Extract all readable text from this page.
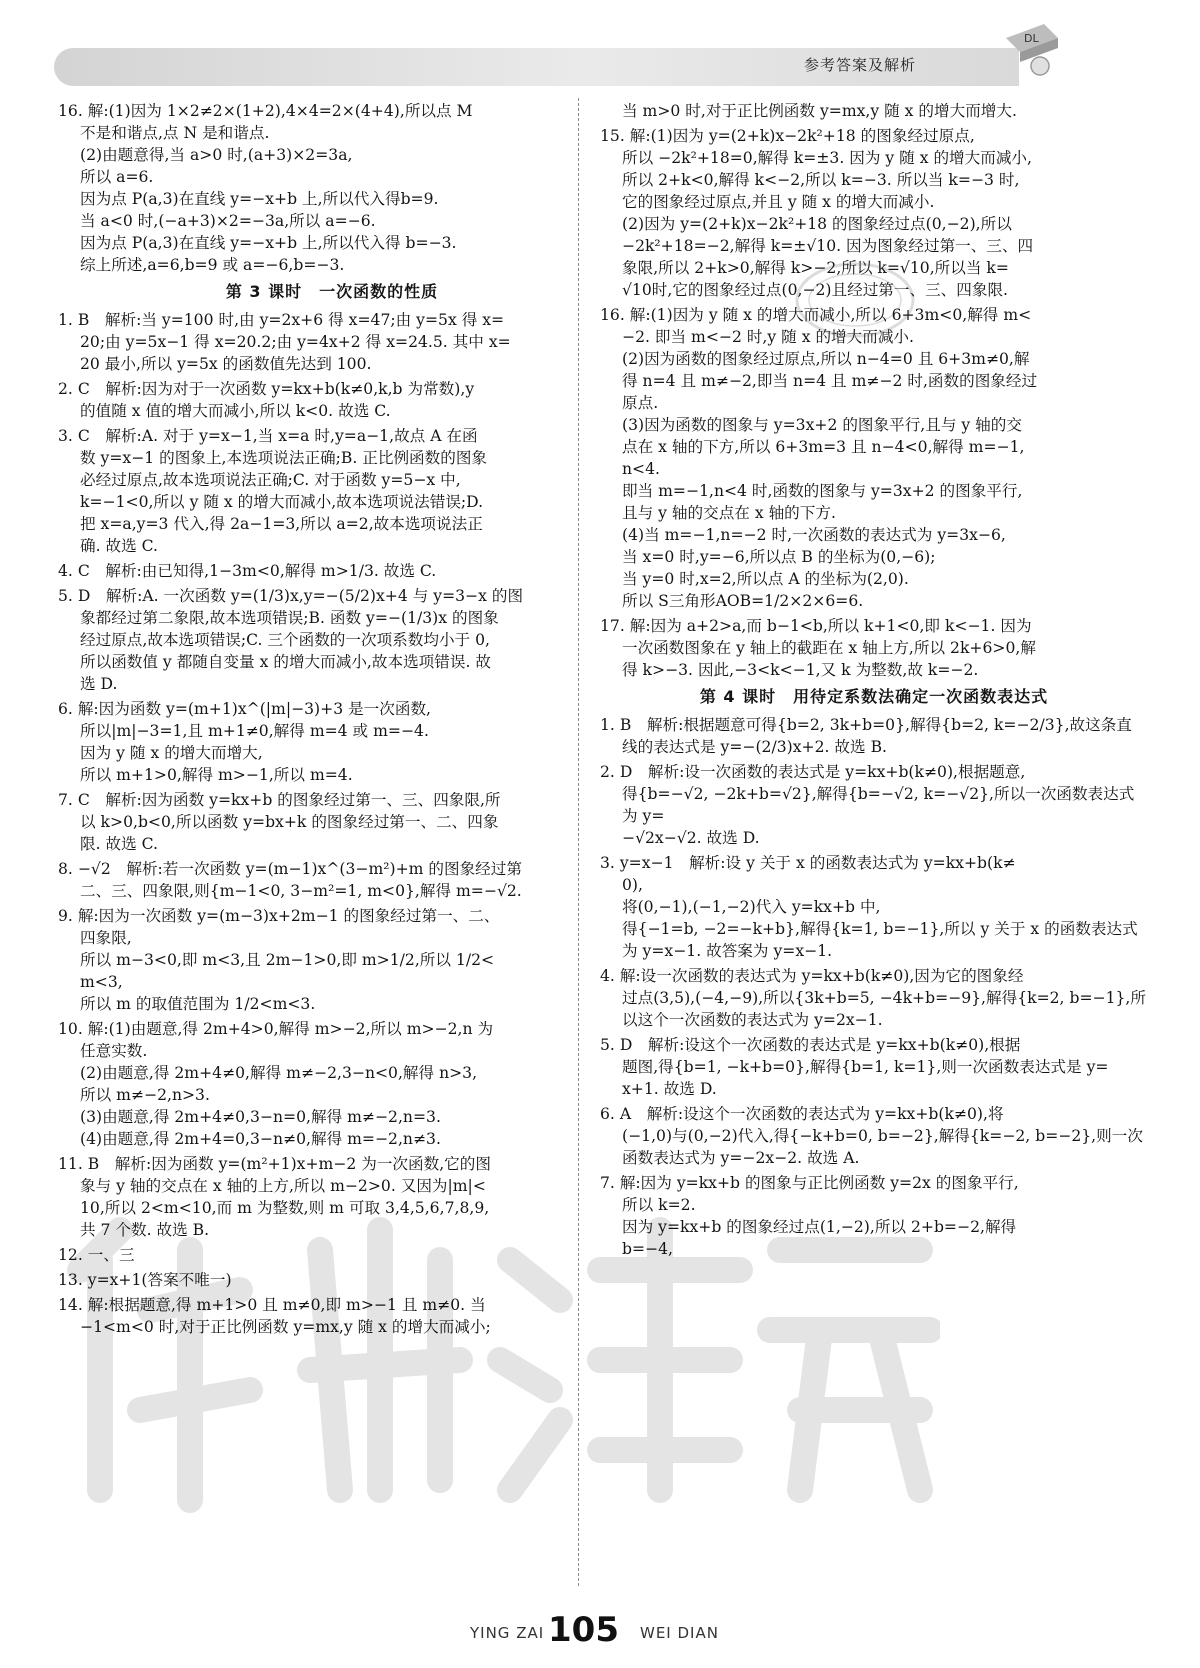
参考答案及解析
DL

16. 解:(1)因为 1×2≠2×(1+2),4×4=2×(4+4),所以点 M

不是和谐点,点 N 是和谐点.

(2)由题意得,当 a>0 时,(a+3)×2=3a,

所以 a=6.

因为点 P(a,3)在直线 y=−x+b 上,所以代入得b=9.

当 a<0 时,(−a+3)×2=−3a,所以 a=−6.

因为点 P(a,3)在直线 y=−x+b 上,所以代入得 b=−3.

综上所述,a=6,b=9 或 a=−6,b=−3.

第 3 课时　一次函数的性质

1. B　解析:当 y=100 时,由 y=2x+6 得 x=47;由 y=5x 得 x=

20;由 y=5x−1 得 x=20.2;由 y=4x+2 得 x=24.5. 其中 x=

20 最小,所以 y=5x 的函数值先达到 100.

2. C　解析:因为对于一次函数 y=kx+b(k≠0,k,b 为常数),y

的值随 x 值的增大而减小,所以 k<0. 故选 C.

3. C　解析:A. 对于 y=x−1,当 x=a 时,y=a−1,故点 A 在函

数 y=x−1 的图象上,本选项说法正确;B. 正比例函数的图象

必经过原点,故本选项说法正确;C. 对于函数 y=5−x 中,

k=−1<0,所以 y 随 x 的增大而减小,故本选项说法错误;D.

把 x=a,y=3 代入,得 2a−1=3,所以 a=2,故本选项说法正

确. 故选 C.

4. C　解析:由已知得,1−3m<0,解得 m>1/3. 故选 C.

5. D　解析:A. 一次函数 y=(1/3)x,y=−(5/2)x+4 与 y=3−x 的图

象都经过第二象限,故本选项错误;B. 函数 y=−(1/3)x 的图象

经过原点,故本选项错误;C. 三个函数的一次项系数均小于 0,

所以函数值 y 都随自变量 x 的增大而减小,故本选项错误. 故

选 D.

6. 解:因为函数 y=(m+1)x^(|m|−3)+3 是一次函数,

所以|m|−3=1,且 m+1≠0,解得 m=4 或 m=−4.

因为 y 随 x 的增大而增大,

所以 m+1>0,解得 m>−1,所以 m=4.

7. C　解析:因为函数 y=kx+b 的图象经过第一、三、四象限,所

以 k>0,b<0,所以函数 y=bx+k 的图象经过第一、二、四象

限. 故选 C.

8. −√2　解析:若一次函数 y=(m−1)x^(3−m²)+m 的图象经过第

二、三、四象限,则{m−1<0, 3−m²=1, m<0},解得 m=−√2.

9. 解:因为一次函数 y=(m−3)x+2m−1 的图象经过第一、二、

四象限,

所以 m−3<0,即 m<3,且 2m−1>0,即 m>1/2,所以 1/2<

m<3,

所以 m 的取值范围为 1/2<m<3.

10. 解:(1)由题意,得 2m+4>0,解得 m>−2,所以 m>−2,n 为

任意实数.

(2)由题意,得 2m+4≠0,解得 m≠−2,3−n<0,解得 n>3,

所以 m≠−2,n>3.

(3)由题意,得 2m+4≠0,3−n=0,解得 m≠−2,n=3.

(4)由题意,得 2m+4=0,3−n≠0,解得 m=−2,n≠3.

11. B　解析:因为函数 y=(m²+1)x+m−2 为一次函数,它的图

象与 y 轴的交点在 x 轴的上方,所以 m−2>0. 又因为|m|<

10,所以 2<m<10,而 m 为整数,则 m 可取 3,4,5,6,7,8,9,

共 7 个数. 故选 B.

12. 一、三

13. y=x+1(答案不唯一)

14. 解:根据题意,得 m+1>0 且 m≠0,即 m>−1 且 m≠0. 当

−1<m<0 时,对于正比例函数 y=mx,y 随 x 的增大而减小;

当 m>0 时,对于正比例函数 y=mx,y 随 x 的增大而增大.

15. 解:(1)因为 y=(2+k)x−2k²+18 的图象经过原点,

所以 −2k²+18=0,解得 k=±3. 因为 y 随 x 的增大而减小,

所以 2+k<0,解得 k<−2,所以 k=−3. 所以当 k=−3 时,

它的图象经过原点,并且 y 随 x 的增大而减小.

(2)因为 y=(2+k)x−2k²+18 的图象经过点(0,−2),所以

−2k²+18=−2,解得 k=±√10. 因为图象经过第一、三、四

象限,所以 2+k>0,解得 k>−2,所以 k=√10,所以当 k=

√10时,它的图象经过点(0,−2)且经过第一、三、四象限.

16. 解:(1)因为 y 随 x 的增大而减小,所以 6+3m<0,解得 m<

−2. 即当 m<−2 时,y 随 x 的增大而减小.

(2)因为函数的图象经过原点,所以 n−4=0 且 6+3m≠0,解

得 n=4 且 m≠−2,即当 n=4 且 m≠−2 时,函数的图象经过

原点.

(3)因为函数的图象与 y=3x+2 的图象平行,且与 y 轴的交

点在 x 轴的下方,所以 6+3m=3 且 n−4<0,解得 m=−1,

n<4.

即当 m=−1,n<4 时,函数的图象与 y=3x+2 的图象平行,

且与 y 轴的交点在 x 轴的下方.

(4)当 m=−1,n=−2 时,一次函数的表达式为 y=3x−6,

当 x=0 时,y=−6,所以点 B 的坐标为(0,−6);

当 y=0 时,x=2,所以点 A 的坐标为(2,0).

所以 S三角形AOB=1/2×2×6=6.

17. 解:因为 a+2>a,而 b−1<b,所以 k+1<0,即 k<−1. 因为

一次函数图象在 y 轴上的截距在 x 轴上方,所以 2k+6>0,解

得 k>−3. 因此,−3<k<−1,又 k 为整数,故 k=−2.

第 4 课时　用待定系数法确定一次函数表达式

1. B　解析:根据题意可得{b=2, 3k+b=0},解得{b=2, k=−2/3},故这条直

线的表达式是 y=−(2/3)x+2. 故选 B.

2. D　解析:设一次函数的表达式是 y=kx+b(k≠0),根据题意,

得{b=−√2, −2k+b=√2},解得{b=−√2, k=−√2},所以一次函数表达式为 y=

−√2x−√2. 故选 D.

3. y=x−1　解析:设 y 关于 x 的函数表达式为 y=kx+b(k≠

0),

将(0,−1),(−1,−2)代入 y=kx+b 中,

得{−1=b, −2=−k+b},解得{k=1, b=−1},所以 y 关于 x 的函数表达式

为 y=x−1. 故答案为 y=x−1.

4. 解:设一次函数的表达式为 y=kx+b(k≠0),因为它的图象经

过点(3,5),(−4,−9),所以{3k+b=5, −4k+b=−9},解得{k=2, b=−1},所

以这个一次函数的表达式为 y=2x−1.

5. D　解析:设这个一次函数的表达式是 y=kx+b(k≠0),根据

题图,得{b=1, −k+b=0},解得{b=1, k=1},则一次函数表达式是 y=

x+1. 故选 D.

6. A　解析:设这个一次函数的表达式为 y=kx+b(k≠0),将

(−1,0)与(0,−2)代入,得{−k+b=0, b=−2},解得{k=−2, b=−2},则一次

函数表达式为 y=−2x−2. 故选 A.

7. 解:因为 y=kx+b 的图象与正比例函数 y=2x 的图象平行,

所以 k=2.

因为 y=kx+b 的图象经过点(1,−2),所以 2+b=−2,解得

b=−4,

YING ZAI 105 WEI DIAN
